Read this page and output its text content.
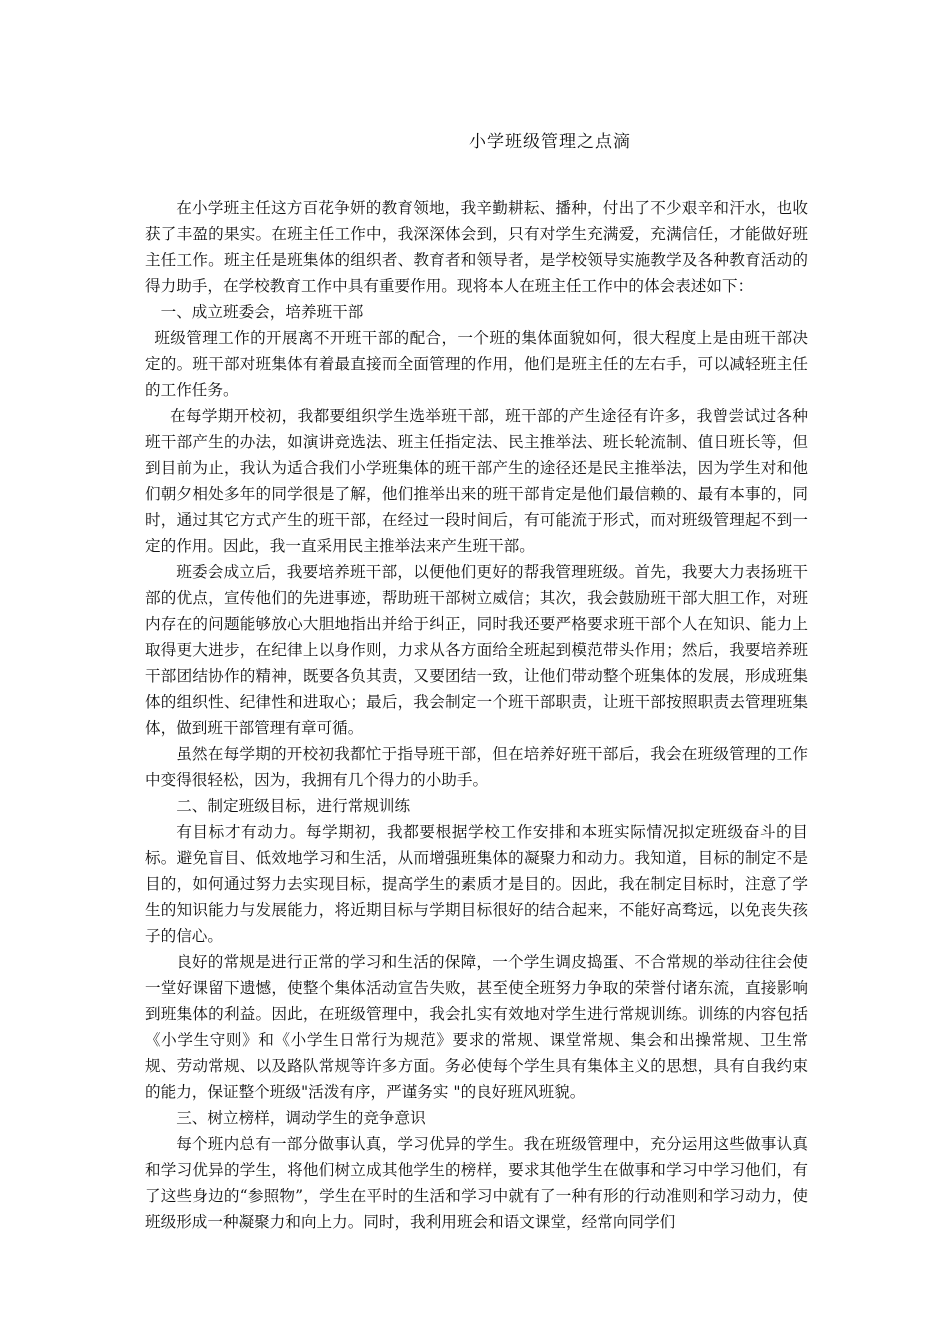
小学班级管理之点滴

在小学班主任这方百花争妍的教育领地，我辛勤耕耘、播种，付出了不少艰辛和汗水，也收获了丰盈的果实。在班主任工作中，我深深体会到，只有对学生充满爱，充满信任，才能做好班主任工作。班主任是班集体的组织者、教育者和领导者，是学校领导实施教学及各种教育活动的得力助手，在学校教育工作中具有重要作用。现将本人在班主任工作中的体会表述如下：

一、成立班委会，培养班干部

班级管理工作的开展离不开班干部的配合，一个班的集体面貌如何，很大程度上是由班干部决定的。班干部对班集体有着最直接而全面管理的作用，他们是班主任的左右手，可以减轻班主任的工作任务。

在每学期开校初，我都要组织学生选举班干部，班干部的产生途径有许多，我曾尝试过各种班干部产生的办法，如演讲竞选法、班主任指定法、民主推举法、班长轮流制、值日班长等，但到目前为止，我认为适合我们小学班集体的班干部产生的途径还是民主推举法，因为学生对和他们朝夕相处多年的同学很是了解，他们推举出来的班干部肯定是他们最信赖的、最有本事的，同时，通过其它方式产生的班干部，在经过一段时间后，有可能流于形式，而对班级管理起不到一定的作用。因此，我一直采用民主推举法来产生班干部。

班委会成立后，我要培养班干部，以便他们更好的帮我管理班级。首先，我要大力表扬班干部的优点，宣传他们的先进事迹，帮助班干部树立威信；其次，我会鼓励班干部大胆工作，对班内存在的问题能够放心大胆地指出并给于纠正，同时我还要严格要求班干部个人在知识、能力上取得更大进步，在纪律上以身作则，力求从各方面给全班起到模范带头作用；然后，我要培养班干部团结协作的精神，既要各负其责，又要团结一致，让他们带动整个班集体的发展，形成班集体的组织性、纪律性和进取心；最后，我会制定一个班干部职责，让班干部按照职责去管理班集体，做到班干部管理有章可循。

虽然在每学期的开校初我都忙于指导班干部，但在培养好班干部后，我会在班级管理的工作中变得很轻松，因为，我拥有几个得力的小助手。

二、制定班级目标，进行常规训练

有目标才有动力。每学期初，我都要根据学校工作安排和本班实际情况拟定班级奋斗的目标。避免盲目、低效地学习和生活，从而增强班集体的凝聚力和动力。我知道，目标的制定不是目的，如何通过努力去实现目标，提高学生的素质才是目的。因此，我在制定目标时，注意了学生的知识能力与发展能力，将近期目标与学期目标很好的结合起来，不能好高骛远，以免丧失孩子的信心。

良好的常规是进行正常的学习和生活的保障，一个学生调皮捣蛋、不合常规的举动往往会使一堂好课留下遗憾，使整个集体活动宣告失败，甚至使全班努力争取的荣誉付诸东流，直接影响到班集体的利益。因此，在班级管理中，我会扎实有效地对学生进行常规训练。训练的内容包括《小学生守则》和《小学生日常行为规范》要求的常规、课堂常规、集会和出操常规、卫生常规、劳动常规、以及路队常规等许多方面。务必使每个学生具有集体主义的思想，具有自我约束的能力，保证整个班级"活泼有序，严谨务实 "的良好班风班貌。

三、树立榜样，调动学生的竞争意识

每个班内总有一部分做事认真，学习优异的学生。我在班级管理中，充分运用这些做事认真和学习优异的学生，将他们树立成其他学生的榜样，要求其他学生在做事和学习中学习他们，有了这些身边的“参照物”，学生在平时的生活和学习中就有了一种有形的行动准则和学习动力，使班级形成一种凝聚力和向上力。同时，我利用班会和语文课堂，经常向同学们
